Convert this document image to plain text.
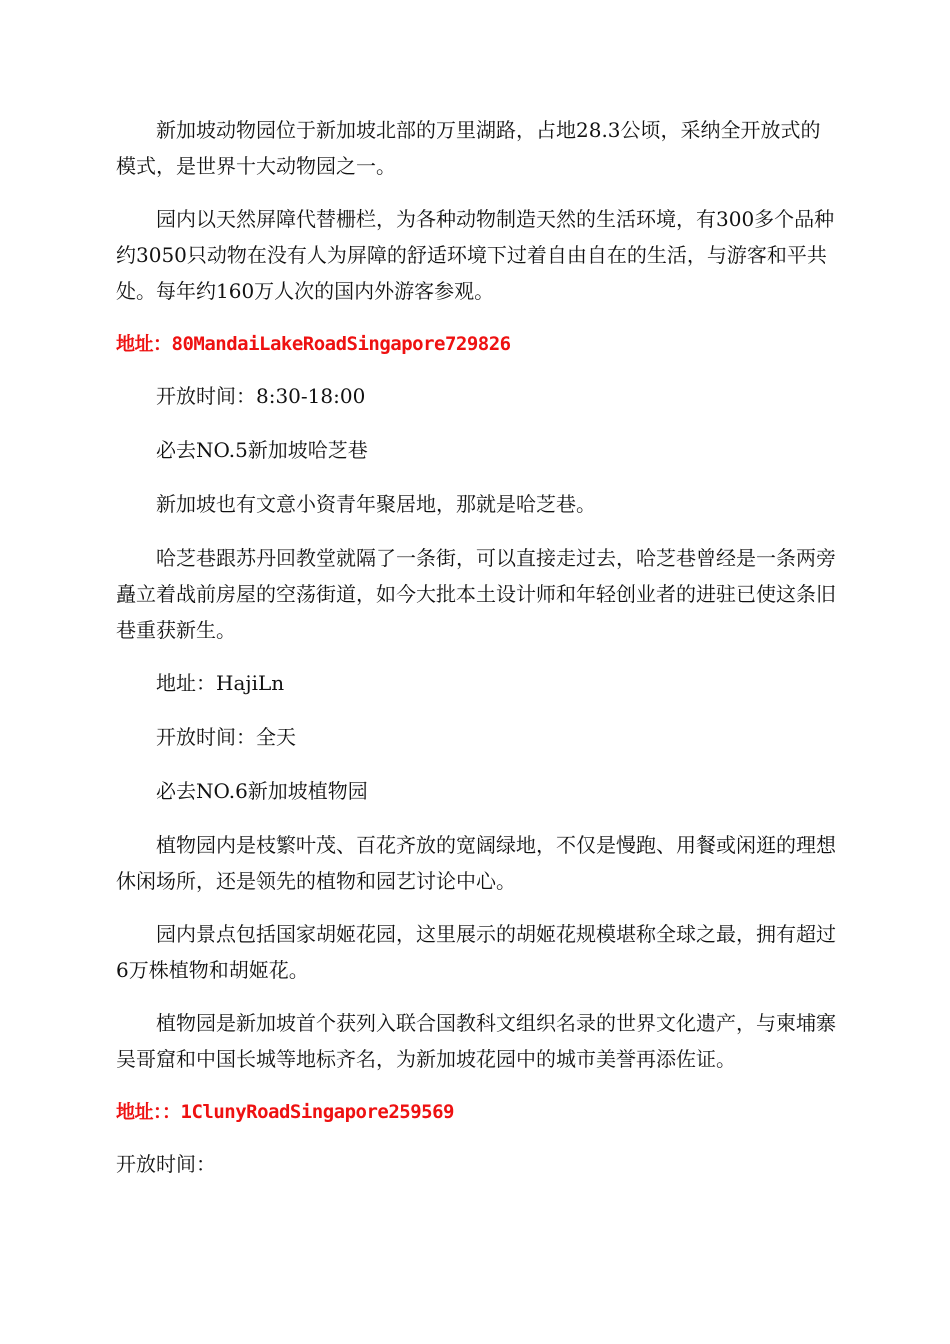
新加坡动物园位于新加坡北部的万里湖路，占地28.3公顷，采纳全开放式的模式，是世界十大动物园之一。

园内以天然屏障代替栅栏，为各种动物制造天然的生活环境，有300多个品种约3050只动物在没有人为屏障的舒适环境下过着自由自在的生活，与游客和平共处。每年约160万人次的国内外游客参观。

地址：80MandaiLakeRoadSingapore729826

开放时间：8:30-18:00

必去NO.5新加坡哈芝巷

新加坡也有文意小资青年聚居地，那就是哈芝巷。

哈芝巷跟苏丹回教堂就隔了一条街，可以直接走过去，哈芝巷曾经是一条两旁矗立着战前房屋的空荡街道，如今大批本土设计师和年轻创业者的进驻已使这条旧巷重获新生。

地址：HajiLn

开放时间：全天

必去NO.6新加坡植物园

植物园内是枝繁叶茂、百花齐放的宽阔绿地，不仅是慢跑、用餐或闲逛的理想休闲场所，还是领先的植物和园艺讨论中心。

园内景点包括国家胡姬花园，这里展示的胡姬花规模堪称全球之最，拥有超过6万株植物和胡姬花。

植物园是新加坡首个获列入联合国教科文组织名录的世界文化遗产，与柬埔寨吴哥窟和中国长城等地标齐名，为新加坡花园中的城市美誉再添佐证。

地址：：1ClunyRoadSingapore259569

开放时间：
